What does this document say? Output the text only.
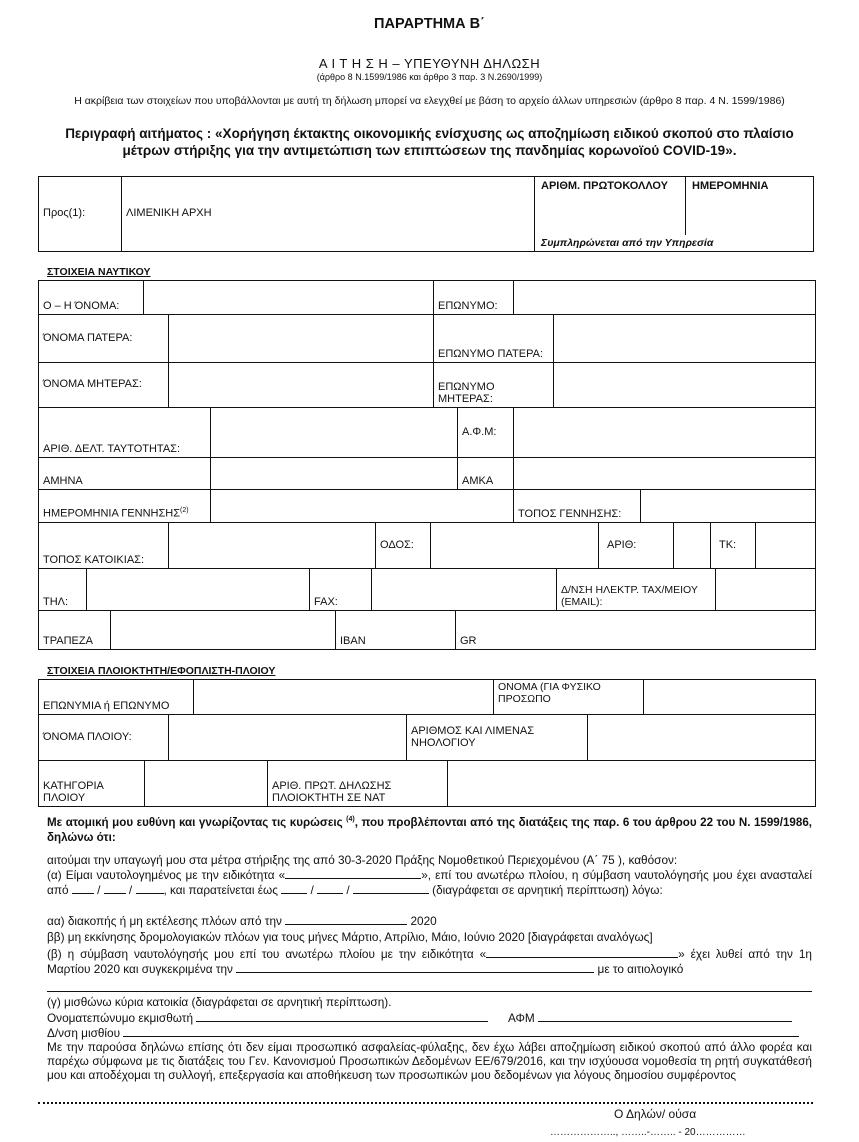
ΠΑΡΑΡΤΗΜΑ Β΄
Α Ι Τ Η Σ Η – ΥΠΕΥΘΥΝΗ ΔΗΛΩΣΗ
(άρθρο 8 Ν.1599/1986 και άρθρο 3 παρ. 3 Ν.2690/1999)
Η ακρίβεια των στοιχείων που υποβάλλονται με αυτή τη δήλωση μπορεί να ελεγχθεί με βάση το αρχείο άλλων υπηρεσιών (άρθρο 8 παρ. 4 Ν. 1599/1986)
Περιγραφή αιτήματος : «Χορήγηση έκτακτης οικονομικής ενίσχυσης ως αποζημίωση ειδικού σκοπού στο πλαίσιο μέτρων στήριξης για την αντιμετώπιση των επιπτώσεων της πανδημίας κορωνοϊού COVID-19».
Προς(1):	ΛΙΜΕΝΙΚΗ ΑΡΧΗ	
ΑΡΙΘΜ. ΠΡΩΤΟΚΟΛΛΟΥ	ΗΜΕΡΟΜΗΝΙΑ
Συμπληρώνεται από την Υπηρεσία
ΣΤΟΙΧΕΙΑ ΝΑΥΤΙΚΟΥ
Ο – Η ΌΝΟΜΑ:		ΕΠΩΝΥΜΟ:	
ΌΝΟΜΑ ΠΑΤΕΡΑ:		ΕΠΩΝΥΜΟ ΠΑΤΕΡΑ:	
ΌΝΟΜΑ ΜΗΤΕΡΑΣ:		ΕΠΩΝΥΜΟ ΜΗΤΕΡΑΣ:	
ΑΡΙΘ. ΔΕΛΤ. ΤΑΥΤΟΤΗΤΑΣ:		Α.Φ.Μ:	
ΑΜΗΝΑ		ΑΜΚΑ	
ΗΜΕΡΟΜΗΝΙΑ ΓΕΝΝΗΣΗΣ$^{(2)}$		ΤΟΠΟΣ ΓΕΝΝΗΣΗΣ:	
ΤΟΠΟΣ ΚΑΤΟΙΚΙΑΣ:		ΟΔΟΣ:		ΑΡΙΘ:		ΤΚ:	
ΤΗΛ:		FAX:		Δ/ΝΣΗ ΗΛΕΚΤΡ. ΤΑΧ/ΜΕΙΟΥ (EMAIL):	
ΤΡΑΠΕΖΑ		IBAN	GR
ΣΤΟΙΧΕΙΑ ΠΛΟΙΟΚΤΗΤΗ/ΕΦΟΠΛΙΣΤΗ-ΠΛΟΙΟΥ
ΕΠΩΝΥΜΙΑ ή ΕΠΩΝΥΜΟ		ΟΝΟΜΑ (ΓΙΑ ΦΥΣΙΚΟ ΠΡΟΣΩΠΟ	
ΌΝΟΜΑ ΠΛΟΙΟΥ:		ΑΡΙΘΜΟΣ ΚΑΙ ΛΙΜΕΝΑΣ ΝΗΟΛΟΓΙΟΥ	
ΚΑΤΗΓΟΡΙΑ ΠΛΟΙΟΥ		ΑΡΙΘ. ΠΡΩΤ. ΔΗΛΩΣΗΣ ΠΛΟΙΟΚΤΗΤΗ ΣΕ ΝΑΤ	
Με ατομική μου ευθύνη και γνωρίζοντας τις κυρώσεις $^{(4)}$, που προβλέπονται από της διατάξεις της παρ. 6 του άρθρου 22 του Ν. 1599/1986, δηλώνω ότι:
αιτούμαι την υπαγωγή μου στα μέτρα στήριξης της από 30-3-2020 Πράξης Νομοθετικού Περιεχομένου (Α΄ 75 ), καθόσον:
(α) Είμαι ναυτολογημένος με την ειδικότητα «	», επί του ανωτέρω πλοίου, η σύμβαση ναυτολόγησής μου έχει ανασταλεί από  /  / , και παρατείνεται έως  /  /	(διαγράφεται σε αρνητική περίπτωση) λόγω:
αα) διακοπής ή μη εκτέλεσης πλόων από την	2020
ββ) μη εκκίνησης δρομολογιακών πλόων για τους μήνες Μάρτιο, Απρίλιο, Μάιο, Ιούνιο 2020 [διαγράφεται αναλόγως]
(β) η σύμβαση ναυτολόγησής μου επί του ανωτέρω πλοίου με την ειδικότητα «	» έχει λυθεί από την 1η Μαρτίου 2020 και συγκεκριμένα την	με το αιτιολογικό
(γ) μισθώνω κύρια κατοικία (διαγράφεται σε αρνητική περίπτωση).
Ονοματεπώνυμο εκμισθωτή	ΑΦΜ
Δ/νση μισθίου
Με την παρούσα δηλώνω επίσης ότι δεν είμαι προσωπικό ασφαλείας-φύλαξης, δεν έχω λάβει αποζημίωση ειδικού σκοπού από άλλο φορέα και παρέχω σύμφωνα με τις διατάξεις του Γεν. Κανονισμού Προσωπικών Δεδομένων ΕΕ/679/2016, και την ισχύουσα νομοθεσία τη ρητή συγκατάθεσή μου και αποδέχομαι τη συλλογή, επεξεργασία και αποθήκευση των προσωπικών μου δεδομένων για λόγους δημοσίου συμφέροντος
Ο Δηλών/ ούσα
……………….., ……..-…….. - 20……………
